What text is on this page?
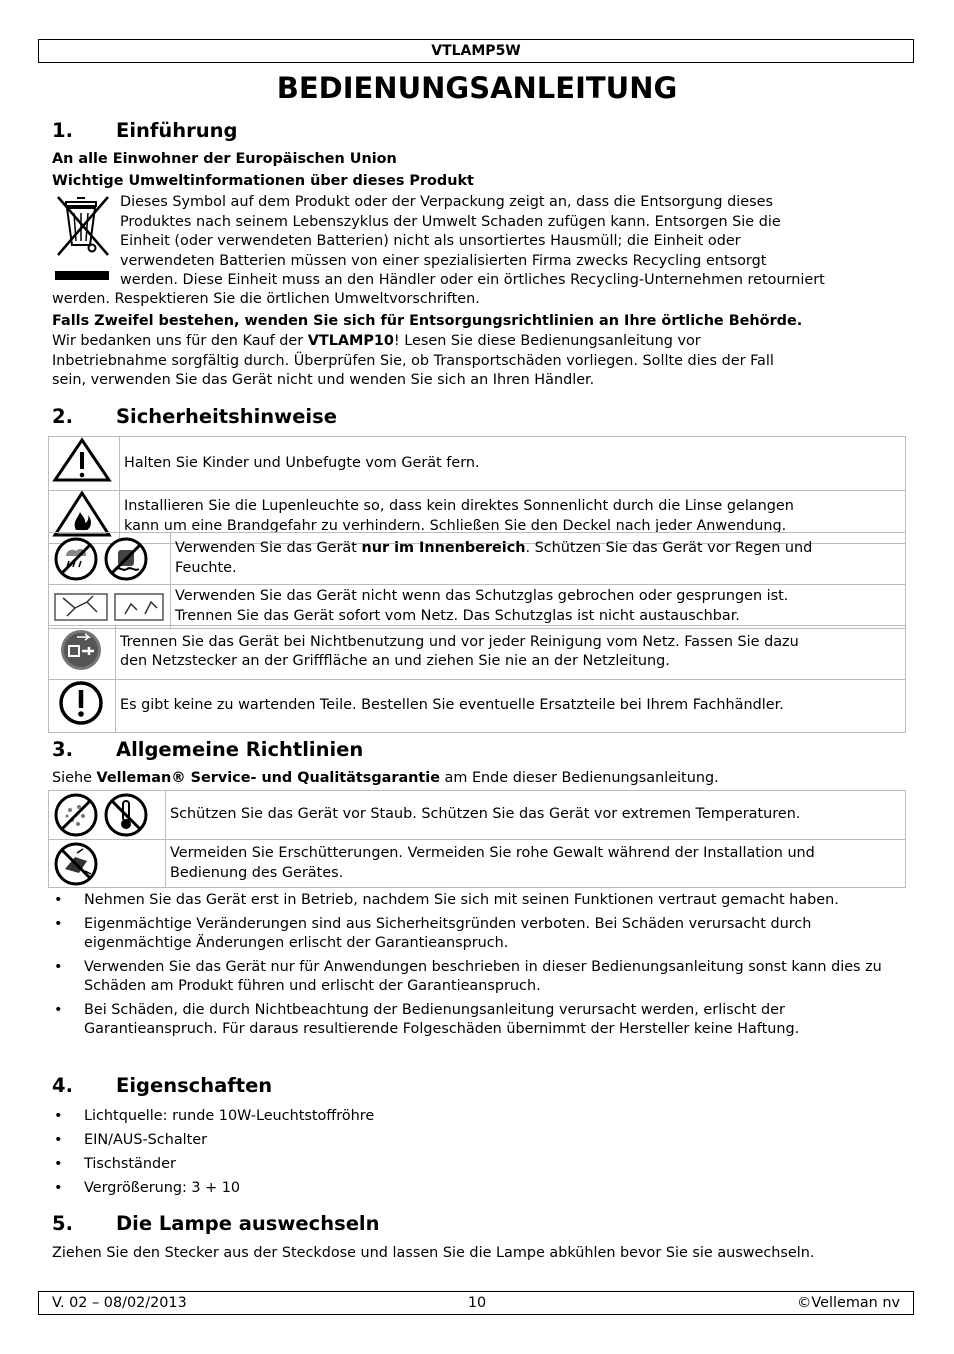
VTLAMP5W
BEDIENUNGSANLEITUNG
1. Einführung
An alle Einwohner der Europäischen Union
Wichtige Umweltinformationen über dieses Produkt
Dieses Symbol auf dem Produkt oder der Verpackung zeigt an, dass die Entsorgung dieses
Produktes nach seinem Lebenszyklus der Umwelt Schaden zufügen kann. Entsorgen Sie die
Einheit (oder verwendeten Batterien) nicht als unsortiertes Hausmüll; die Einheit oder
verwendeten Batterien müssen von einer spezialisierten Firma zwecks Recycling entsorgt
werden. Diese Einheit muss an den Händler oder ein örtliches Recycling-Unternehmen retourniert
werden. Respektieren Sie die örtlichen Umweltvorschriften.
Falls Zweifel bestehen, wenden Sie sich für Entsorgungsrichtlinien an Ihre örtliche Behörde.
Wir bedanken uns für den Kauf der VTLAMP10! Lesen Sie diese Bedienungsanleitung vor
Inbetriebnahme sorgfältig durch. Überprüfen Sie, ob Transportschäden vorliegen. Sollte dies der Fall
sein, verwenden Sie das Gerät nicht und wenden Sie sich an Ihren Händler.
2. Sicherheitshinweise
	Halten Sie Kinder und Unbefugte vom Gerät fern.

Installieren Sie die Lupenleuchte so, dass kein direktes Sonnenlicht durch die Linse gelangen
kann um eine Brandgefahr zu verhindern. Schließen Sie den Deckel nach jeder Anwendung.

Verwenden Sie das Gerät nur im Innenbereich. Schützen Sie das Gerät vor Regen und
Feuchte.

Verwenden Sie das Gerät nicht wenn das Schutzglas gebrochen oder gesprungen ist.
Trennen Sie das Gerät sofort vom Netz. Das Schutzglas ist nicht austauschbar.

Trennen Sie das Gerät bei Nichtbenutzung und vor jeder Reinigung vom Netz. Fassen Sie dazu
den Netzstecker an der Grifffläche an und ziehen Sie nie an der Netzleitung.

	Es gibt keine zu wartenden Teile. Bestellen Sie eventuelle Ersatzteile bei Ihrem Fachhändler.
3. Allgemeine Richtlinien
Siehe Velleman® Service- und Qualitätsgarantie am Ende dieser Bedienungsanleitung.
	Schützen Sie das Gerät vor Staub. Schützen Sie das Gerät vor extremen Temperaturen.

Vermeiden Sie Erschütterungen. Vermeiden Sie rohe Gewalt während der Installation und
Bedienung des Gerätes.
• Nehmen Sie das Gerät erst in Betrieb, nachdem Sie sich mit seinen Funktionen vertraut gemacht haben.
• Eigenmächtige Veränderungen sind aus Sicherheitsgründen verboten. Bei Schäden verursacht durch eigenmächtige Änderungen erlischt der Garantieanspruch.
• Verwenden Sie das Gerät nur für Anwendungen beschrieben in dieser Bedienungsanleitung sonst kann dies zu Schäden am Produkt führen und erlischt der Garantieanspruch.
• Bei Schäden, die durch Nichtbeachtung der Bedienungsanleitung verursacht werden, erlischt der Garantieanspruch. Für daraus resultierende Folgeschäden übernimmt der Hersteller keine Haftung.
4. Eigenschaften
• Lichtquelle: runde 10W-Leuchtstoffröhre
• EIN/AUS-Schalter
• Tischständer
• Vergrößerung: 3 + 10
5. Die Lampe auswechseln
Ziehen Sie den Stecker aus der Steckdose und lassen Sie die Lampe abkühlen bevor Sie sie auswechseln.
V. 02 – 08/02/2013	10	©Velleman nv
